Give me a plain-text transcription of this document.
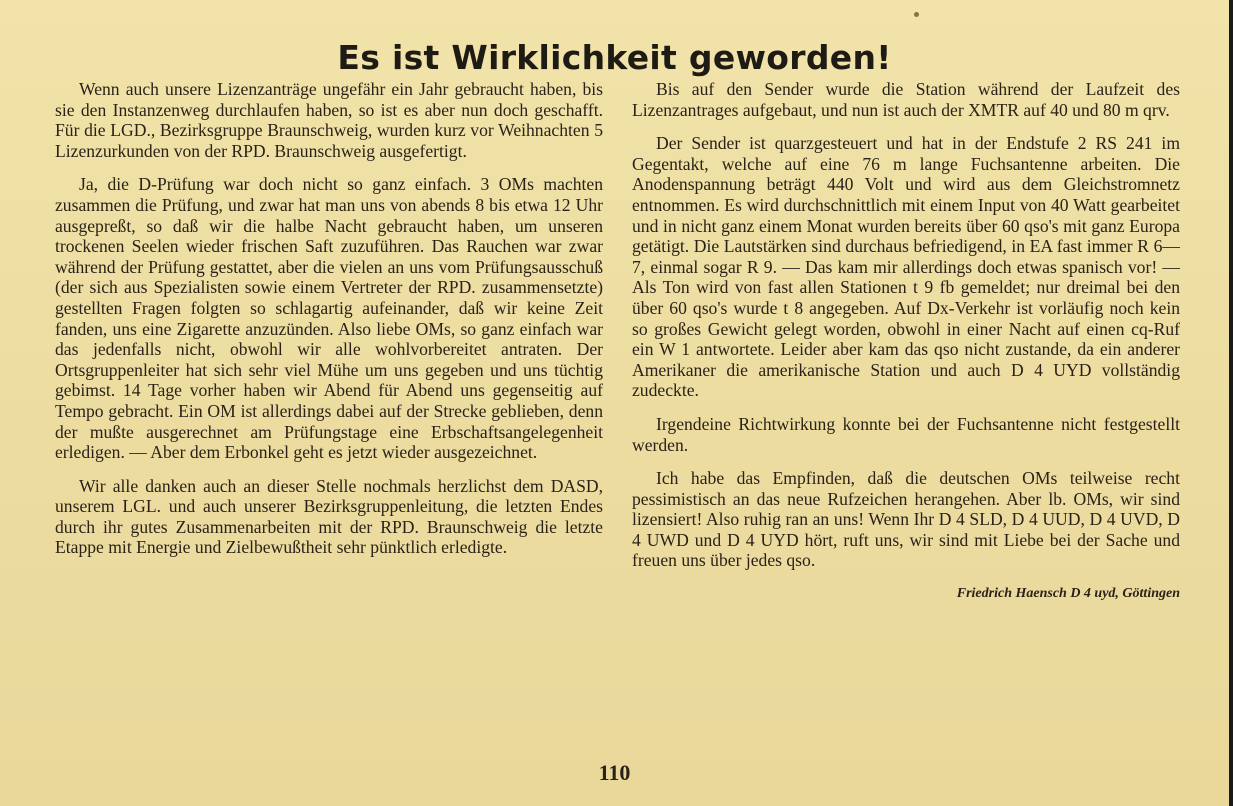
Es ist Wirklichkeit geworden!

Wenn auch unsere Lizenzanträge ungefähr ein Jahr gebraucht haben, bis sie den Instanzenweg durchlaufen haben, so ist es aber nun doch geschafft. Für die LGD., Bezirksgruppe Braunschweig, wurden kurz vor Weihnachten 5 Lizenzurkunden von der RPD. Braunschweig ausgefertigt.

Ja, die D-Prüfung war doch nicht so ganz einfach. 3 OMs machten zusammen die Prüfung, und zwar hat man uns von abends 8 bis etwa 12 Uhr ausgepreßt, so daß wir die halbe Nacht gebraucht haben, um unseren trockenen Seelen wieder frischen Saft zuzuführen. Das Rauchen war zwar während der Prüfung gestattet, aber die vielen an uns vom Prüfungsausschuß (der sich aus Spezialisten sowie einem Vertreter der RPD. zusammensetzte) gestellten Fragen folgten so schlagartig aufeinander, daß wir keine Zeit fanden, uns eine Zigarette anzuzünden. Also liebe OMs, so ganz einfach war das jedenfalls nicht, obwohl wir alle wohlvorbereitet antraten. Der Ortsgruppenleiter hat sich sehr viel Mühe um uns gegeben und uns tüchtig gebimst. 14 Tage vorher haben wir Abend für Abend uns gegenseitig auf Tempo gebracht. Ein OM ist allerdings dabei auf der Strecke geblieben, denn der mußte ausgerechnet am Prüfungstage eine Erbschaftsangelegenheit erledigen. — Aber dem Erbonkel geht es jetzt wieder ausgezeichnet.

Wir alle danken auch an dieser Stelle nochmals herzlichst dem DASD, unserem LGL. und auch unserer Bezirksgruppenleitung, die letzten Endes durch ihr gutes Zusammenarbeiten mit der RPD. Braunschweig die letzte Etappe mit Energie und Zielbewußtheit sehr pünktlich erledigte.

Bis auf den Sender wurde die Station während der Laufzeit des Lizenzantrages aufgebaut, und nun ist auch der XMTR auf 40 und 80 m qrv.

Der Sender ist quarzgesteuert und hat in der Endstufe 2 RS 241 im Gegentakt, welche auf eine 76 m lange Fuchsantenne arbeiten. Die Anodenspannung beträgt 440 Volt und wird aus dem Gleichstromnetz entnommen. Es wird durchschnittlich mit einem Input von 40 Watt gearbeitet und in nicht ganz einem Monat wurden bereits über 60 qso's mit ganz Europa getätigt. Die Lautstärken sind durchaus befriedigend, in EA fast immer R 6—7, einmal sogar R 9. — Das kam mir allerdings doch etwas spanisch vor! — Als Ton wird von fast allen Stationen t 9 fb gemeldet; nur dreimal bei den über 60 qso's wurde t 8 angegeben. Auf Dx-Verkehr ist vorläufig noch kein so großes Gewicht gelegt worden, obwohl in einer Nacht auf einen cq-Ruf ein W 1 antwortete. Leider aber kam das qso nicht zustande, da ein anderer Amerikaner die amerikanische Station und auch D 4 UYD vollständig zudeckte.

Irgendeine Richtwirkung konnte bei der Fuchsantenne nicht festgestellt werden.

Ich habe das Empfinden, daß die deutschen OMs teilweise recht pessimistisch an das neue Rufzeichen herangehen. Aber lb. OMs, wir sind lizensiert! Also ruhig ran an uns! Wenn Ihr D 4 SLD, D 4 UUD, D 4 UVD, D 4 UWD und D 4 UYD hört, ruft uns, wir sind mit Liebe bei der Sache und freuen uns über jedes qso.

Friedrich Haensch D 4 uyd, Göttingen
110
